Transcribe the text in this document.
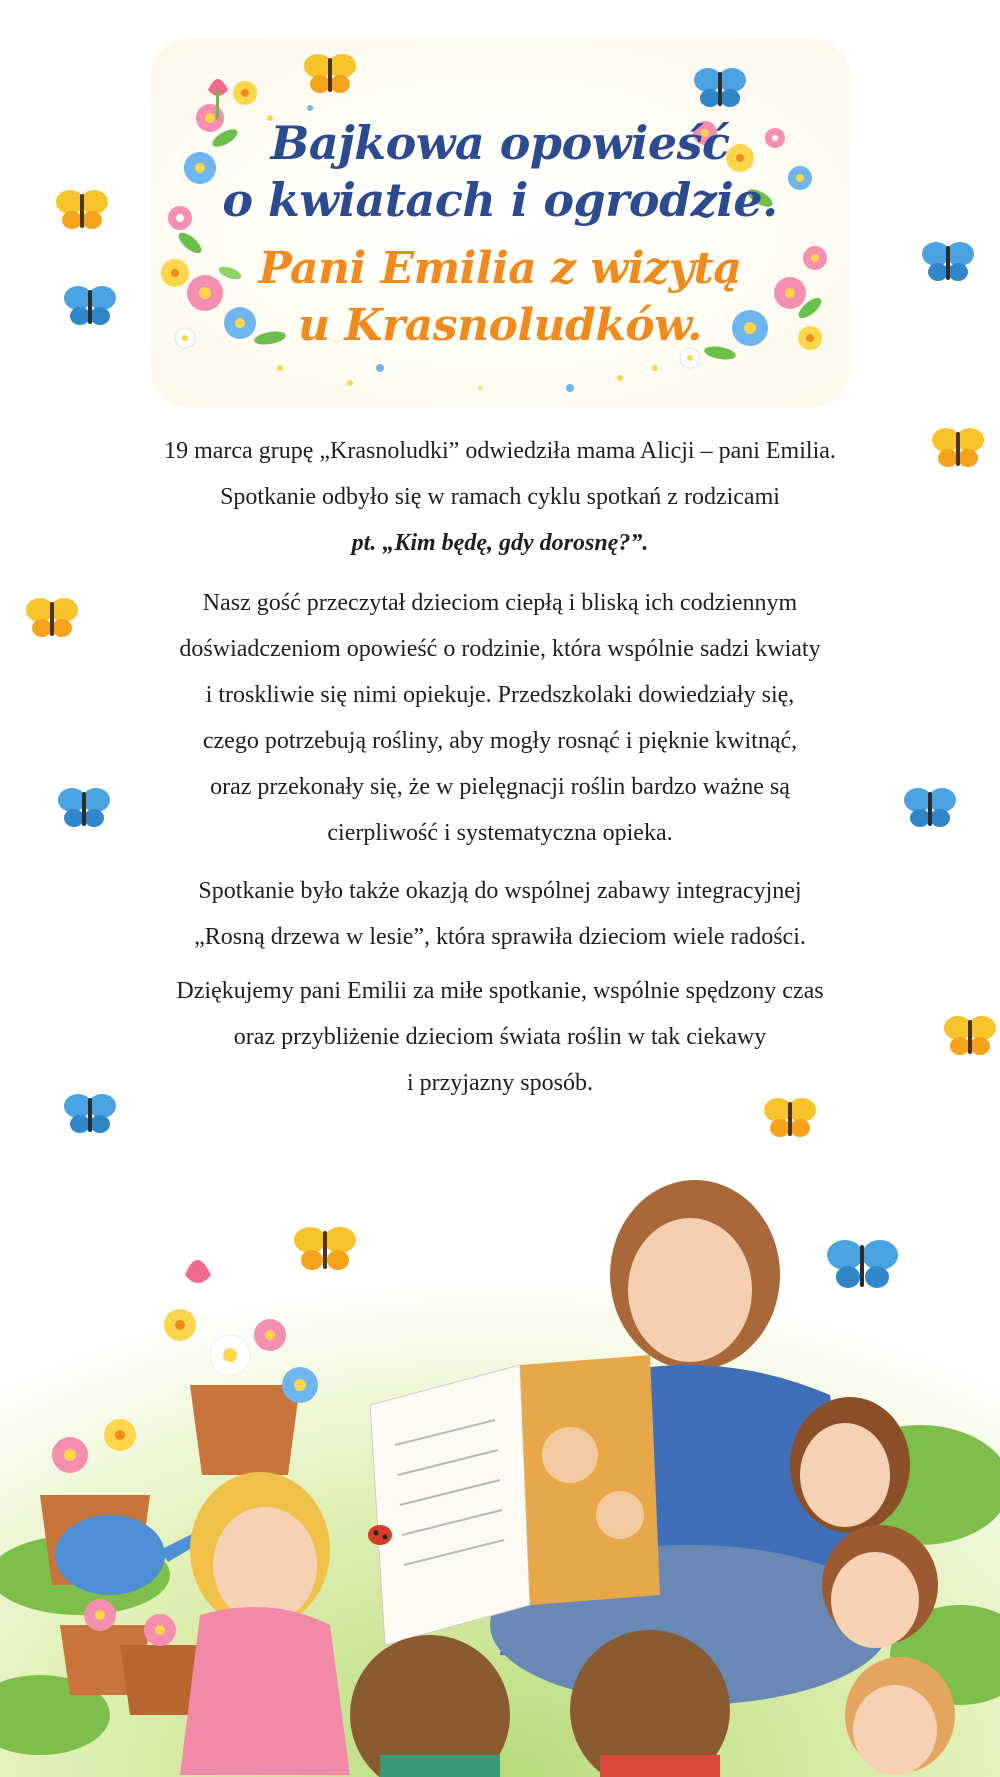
Bajkowa opowieść
o kwiatach i ogrodzie.
Pani Emilia z wizytą
u Krasnoludków.
19 marca grupę „Krasnoludki” odwiedziła mama Alicji – pani Emilia.
Spotkanie odbyło się w ramach cyklu spotkań z rodzicami
pt. „Kim będę, gdy dorosnę?”.
Nasz gość przeczytał dzieciom ciepłą i bliską ich codziennym
doświadczeniom opowieść o rodzinie, która wspólnie sadzi kwiaty
i troskliwie się nimi opiekuje. Przedszkolaki dowiedziały się,
czego potrzebują rośliny, aby mogły rosnąć i pięknie kwitnąć,
oraz przekonały się, że w pielęgnacji roślin bardzo ważne są
cierpliwość i systematyczna opieka.
Spotkanie było także okazją do wspólnej zabawy integracyjnej
„Rosną drzewa w lesie”, która sprawiła dzieciom wiele radości.
Dziękujemy pani Emilii za miłe spotkanie, wspólnie spędzony czas
oraz przybliżenie dzieciom świata roślin w tak ciekawy
i przyjazny sposób.
